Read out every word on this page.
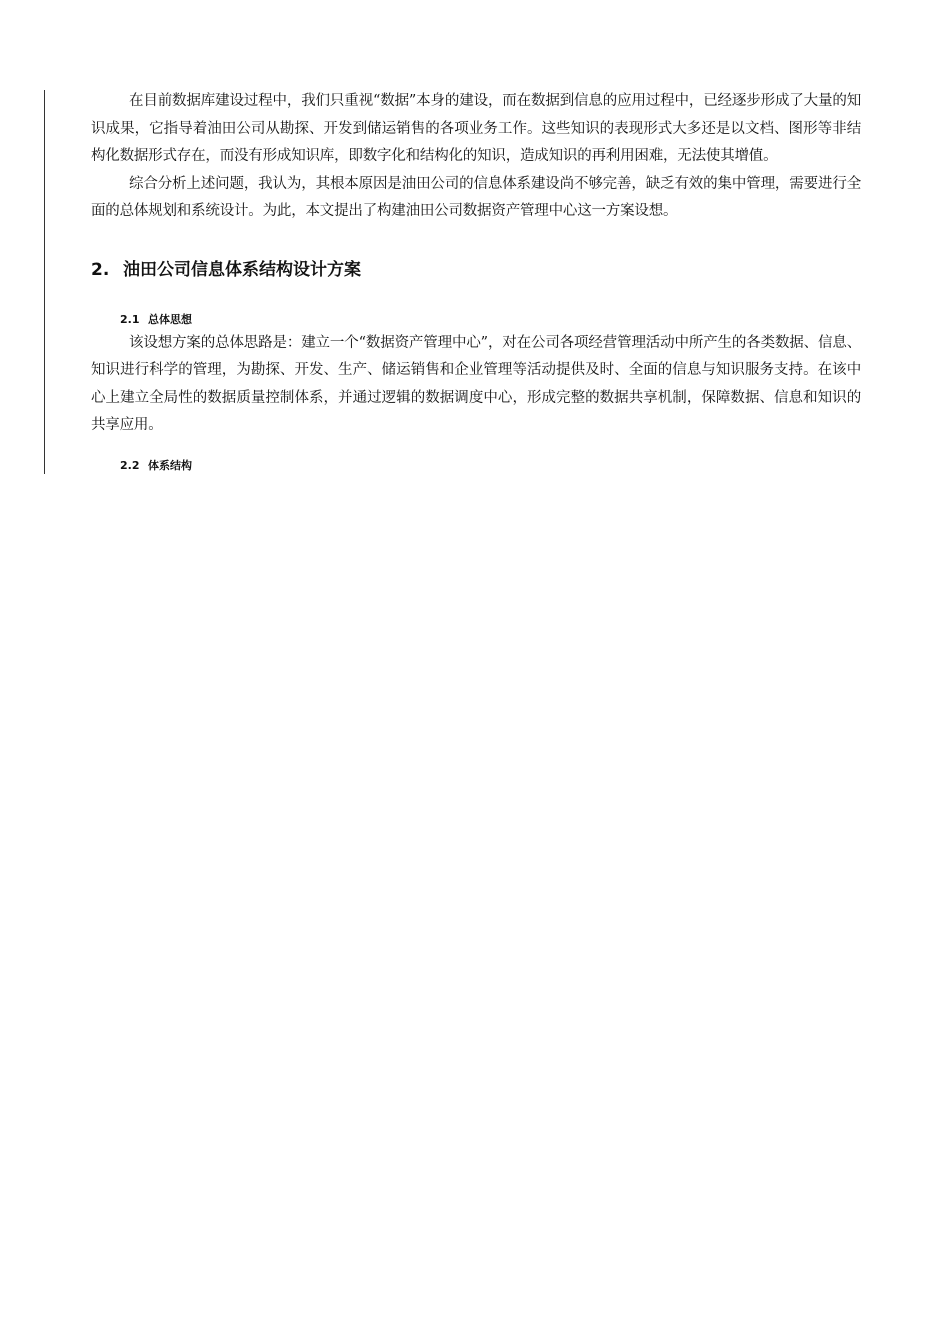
在目前数据库建设过程中，我们只重视“数据”本身的建设，而在数据到信息的应用过程中，已经逐步形成了大量的知识成果，它指导着油田公司从勘探、开发到储运销售的各项业务工作。这些知识的表现形式大多还是以文档、图形等非结构化数据形式存在，而没有形成知识库，即数字化和结构化的知识，造成知识的再利用困难，无法使其增值。

综合分析上述问题，我认为，其根本原因是油田公司的信息体系建设尚不够完善，缺乏有效的集中管理，需要进行全面的总体规划和系统设计。为此，本文提出了构建油田公司数据资产管理中心这一方案设想。

2. 油田公司信息体系结构设计方案
2.1 总体思想

该设想方案的总体思路是：建立一个“数据资产管理中心”，对在公司各项经营管理活动中所产生的各类数据、信息、知识进行科学的管理，为勘探、开发、生产、储运销售和企业管理等活动提供及时、全面的信息与知识服务支持。在该中心上建立全局性的数据质量控制体系，并通过逻辑的数据调度中心，形成完整的数据共享机制，保障数据、信息和知识的共享应用。

2.2 体系结构
